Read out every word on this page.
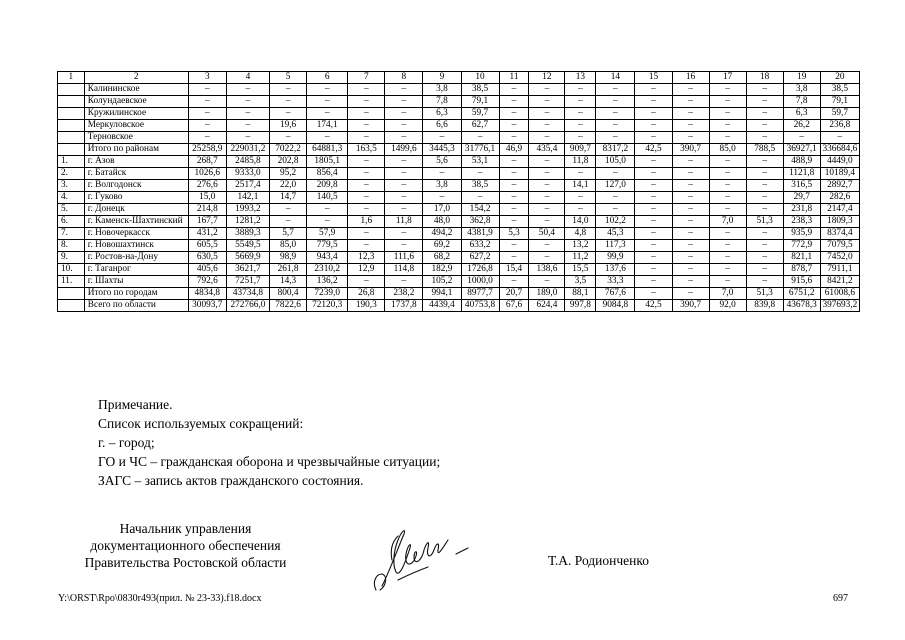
1	2	3	4	5	6	7	8	9	10	11	12	13	14	15	16	17	18	19	20
	Калининское	–	–	–	–	–	–	3,8	38,5	–	–	–	–	–	–	–	–	3,8	38,5
	Колундаевское	–	–	–	–	–	–	7,8	79,1	–	–	–	–	–	–	–	–	7,8	79,1
	Кружилинское	–	–	–	–	–	–	6,3	59,7	–	–	–	–	–	–	–	–	6,3	59,7
	Меркуловское	–	–	19,6	174,1	–	–	6,6	62,7	–	–	–	–	–	–	–	–	26,2	236,8
	Терновское	–	–	–	–	–	–	–	–	–	–	–	–	–	–	–	–	–	–
	Итого по районам	25258,9	229031,2	7022,2	64881,3	163,5	1499,6	3445,3	31776,1	46,9	435,4	909,7	8317,2	42,5	390,7	85,0	788,5	36927,1	336684,6
1.	г. Азов	268,7	2485,8	202,8	1805,1	–	–	5,6	53,1	–	–	11,8	105,0	–	–	–	–	488,9	4449,0
2.	г. Батайск	1026,6	9333,0	95,2	856,4	–	–	–	–	–	–	–	–	–	–	–	–	1121,8	10189,4
3.	г. Волгодонск	276,6	2517,4	22,0	209,8	–	–	3,8	38,5	–	–	14,1	127,0	–	–	–	–	316,5	2892,7
4.	г. Гуково	15,0	142,1	14,7	140,5	–	–	–	–	–	–	–	–	–	–	–	–	29,7	282,6
5.	г. Донецк	214,8	1993,2	–	–	–	–	17,0	154,2	–	–	–	–	–	–	–	–	231,8	2147,4
6.	г. Каменск-Шахтинский	167,7	1281,2	–	–	1,6	11,8	48,0	362,8	–	–	14,0	102,2	–	–	7,0	51,3	238,3	1809,3
7.	г. Новочеркасск	431,2	3889,3	5,7	57,9	–	–	494,2	4381,9	5,3	50,4	4,8	45,3	–	–	–	–	935,9	8374,4
8.	г. Новошахтинск	605,5	5549,5	85,0	779,5	–	–	69,2	633,2	–	–	13,2	117,3	–	–	–	–	772,9	7079,5
9.	г. Ростов-на-Дону	630,5	5669,9	98,9	943,4	12,3	111,6	68,2	627,2	–	–	11,2	99,9	–	–	–	–	821,1	7452,0
10.	г. Таганрог	405,6	3621,7	261,8	2310,2	12,9	114,8	182,9	1726,8	15,4	138,6	15,5	137,6	–	–	–	–	878,7	7911,1
11.	г. Шахты	792,6	7251,7	14,3	136,2	–	–	105,2	1000,0	–	–	3,5	33,3	–	–	–	–	915,6	8421,2
	Итого по городам	4834,8	43734,8	800,4	7239,0	26,8	238,2	994,1	8977,7	20,7	189,0	88,1	767,6	–	–	7,0	51,3	6751,2	61008,6
	Всего по области	30093,7	272766,0	7822,6	72120,3	190,3	1737,8	4439,4	40753,8	67,6	624,4	997,8	9084,8	42,5	390,7	92,0	839,8	43678,3	397693,2
Примечание.
Список используемых сокращений:
г. – город;
ГО и ЧС – гражданская оборона и чрезвычайные ситуации;
ЗАГС – запись актов гражданского состояния.
Начальник управления
документационного обеспечения
Правительства Ростовской области	Т.А. Родионченко
Y:\ORST\Rpo\0830r493(прил. № 23-33).f18.docx	697
